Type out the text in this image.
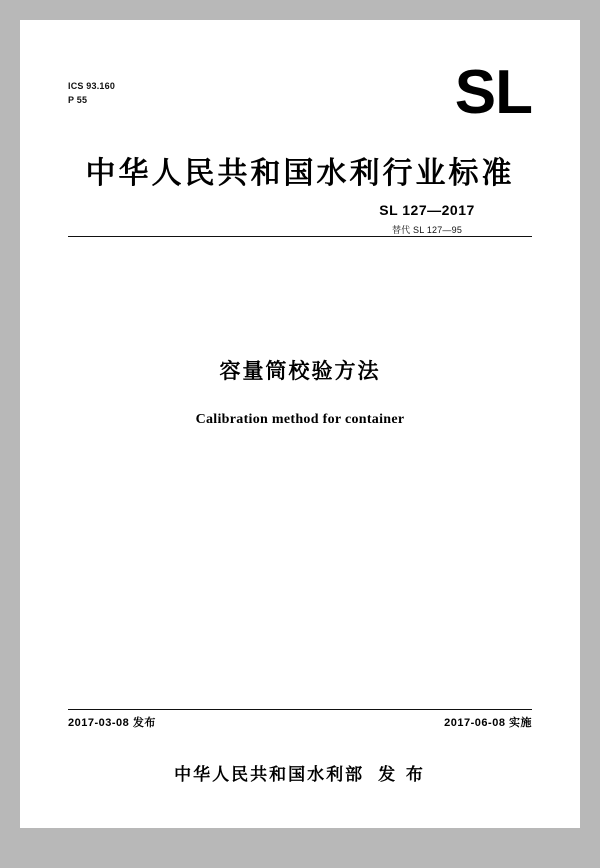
ICS 93.160
P 55	SL
中华人民共和国水利行业标准
SL 127—2017
替代 SL 127—95
容量筒校验方法
Calibration method for container
2017-03-08 发布	2017-06-08 实施
中华人民共和国水利部 发 布
